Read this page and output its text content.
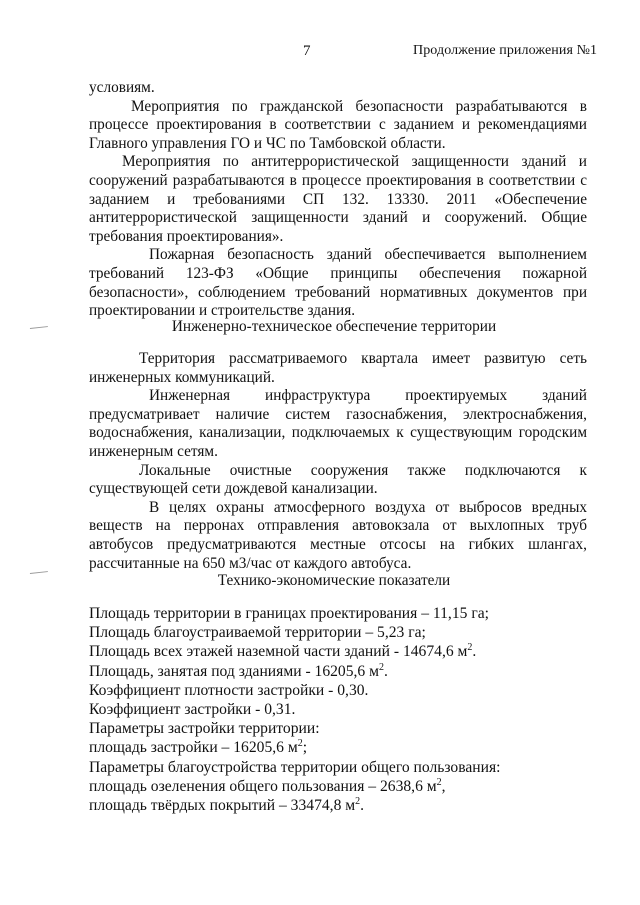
7	Продолжение приложения №1

условиям.

Мероприятия по гражданской безопасности разрабатываются в процессе проектирования в соответствии с заданием и рекомендациями Главного управления ГО и ЧС по Тамбовской области.

Мероприятия по антитеррористической защищенности зданий и сооружений разрабатываются в процессе проектирования в соответствии с заданием и требованиями СП 132. 13330. 2011 «Обеспечение антитеррористической защищенности зданий и сооружений. Общие требования проектирования».

Пожарная безопасность зданий обеспечивается выполнением требований 123-ФЗ «Общие принципы обеспечения пожарной безопасности», соблюдением требований нормативных документов при проектировании и строительстве здания.

Инженерно-техническое обеспечение территории

Территория рассматриваемого квартала имеет развитую сеть инженерных коммуникаций.

Инженерная инфраструктура проектируемых зданий предусматривает наличие систем газоснабжения, электроснабжения, водоснабжения, канализации, подключаемых к существующим городским инженерным сетям.

Локальные очистные сооружения также подключаются к существующей сети дождевой канализации.

В целях охраны атмосферного воздуха от выбросов вредных веществ на перронах отправления автовокзала от выхлопных труб автобусов предусматриваются местные отсосы на гибких шлангах, рассчитанные на 650 м3/час от каждого автобуса.

Технико-экономические показатели
Площадь территории в границах проектирования – 11,15 га;
Площадь благоустраиваемой территории – 5,23 га;
Площадь всех этажей наземной части зданий - 14674,6 $м^2$.
Площадь, занятая под зданиями - 16205,6 $м^2$.
Коэффициент плотности застройки - 0,30.
Коэффициент застройки - 0,31.
Параметры застройки территории:
площадь застройки – 16205,6 $м^2$;
Параметры благоустройства территории общего пользования:
площадь озеленения общего пользования – 2638,6 $м^2$,
площадь твёрдых покрытий – 33474,8 $м^2$.
